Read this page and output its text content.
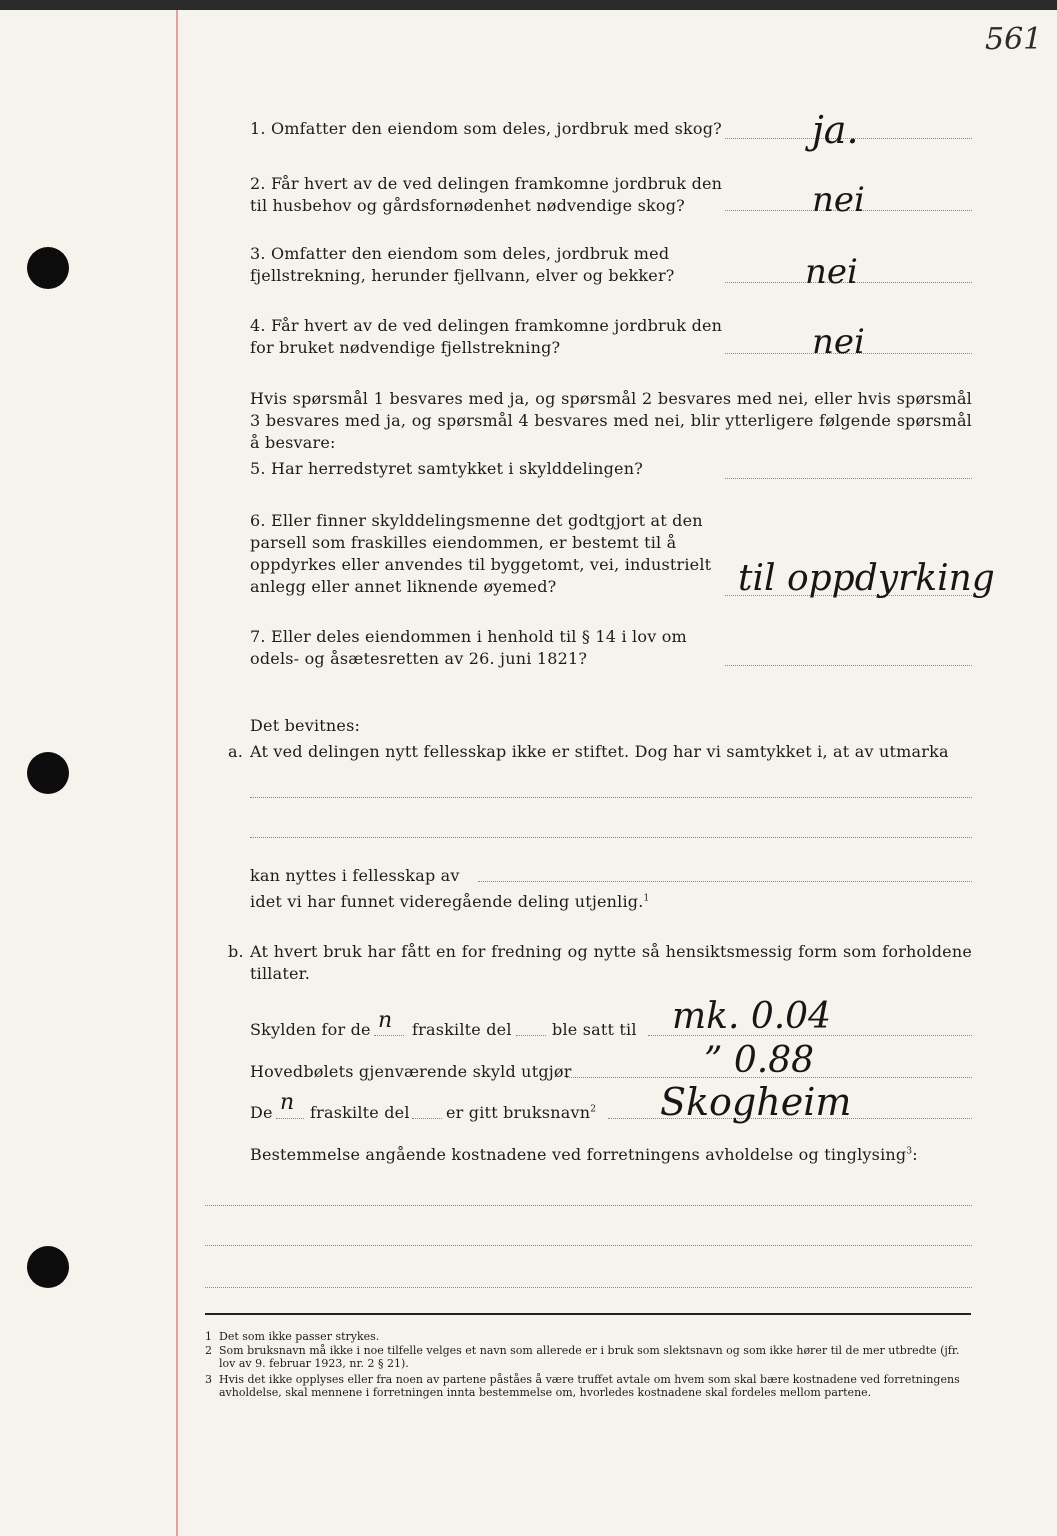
561
1. Omfatter den eiendom som deles, jordbruk med skog? ja.
2. Får hvert av de ved delingen framkomne jordbruk den til husbehov og gårdsfornødenhet nødvendige skog?	nei
3. Omfatter den eiendom som deles, jordbruk med fjellstrekning, herunder fjellvann, elver og bekker?	nei
4. Får hvert av de ved delingen framkomne jordbruk den for bruket nødvendige fjellstrekning?	nei
Hvis spørsmål 1 besvares med ja, og spørsmål 2 besvares med nei, eller hvis spørsmål 3 besvares med ja, og spørsmål 4 besvares med nei, blir ytterligere følgende spørsmål å besvare:
5. Har herredstyret samtykket i skylddelingen?
6. Eller finner skylddelingsmenne det godtgjort at den parsell som fraskilles eiendommen, er bestemt til å oppdyrkes eller anvendes til byggetomt, vei, industrielt anlegg eller annet liknende øyemed?	til oppdyrking
7. Eller deles eiendommen i henhold til § 14 i lov om odels- og åsætesretten av 26. juni 1821?
Det bevitnes:
a. At ved delingen nytt fellesskap ikke er stiftet. Dog har vi samtykket i, at av utmarka
kan nyttes i fellesskap av
idet vi har funnet videregående deling utjenlig.$^1$
b. At hvert bruk har fått en for fredning og nytte så hensiktsmessig form som forholdene tillater.
Skylden for de n fraskilte del	ble satt til mk. 0.04
Hovedbølets gjenværende skyld utgjør	” 0.88
De n fraskilte del er gitt bruksnavn$^2$ Skogheim
Bestemmelse angående kostnadene ved forretningens avholdelse og tinglysing$^3$:
1 Det som ikke passer strykes.
2 Som bruksnavn må ikke i noe tilfelle velges et navn som allerede er i bruk som slektsnavn og som ikke hører til de mer utbredte (jfr. lov av 9. februar 1923, nr. 2 § 21).
3 Hvis det ikke opplyses eller fra noen av partene påståes å være truffet avtale om hvem som skal bære kostnadene ved forretningens avholdelse, skal mennene i forretningen innta bestemmelse om, hvorledes kostnadene skal fordeles mellom partene.
